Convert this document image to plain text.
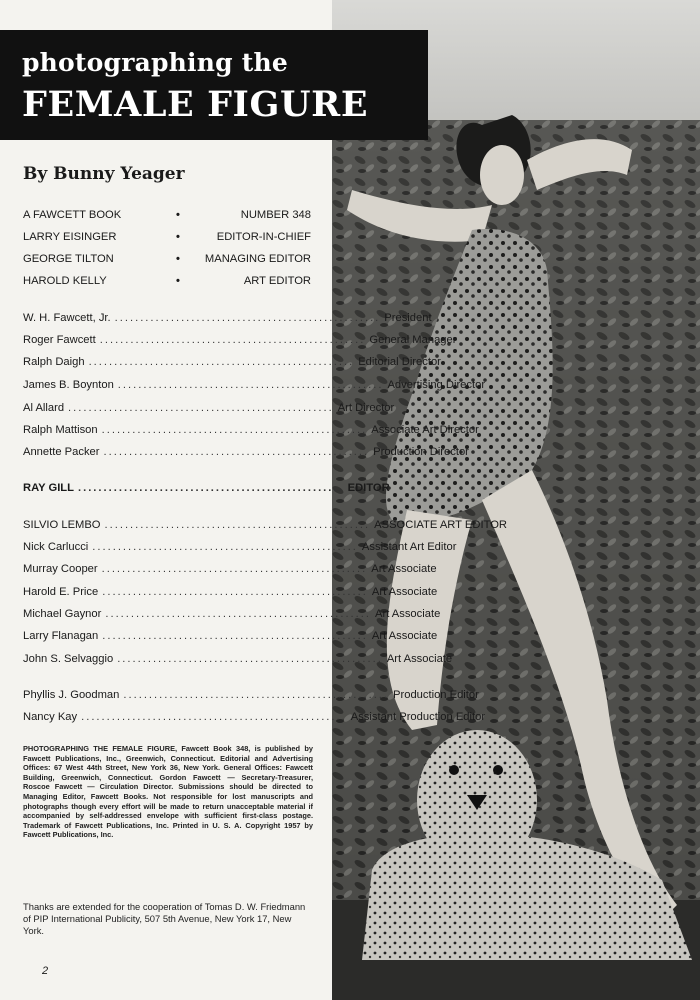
photographing the
FEMALE FIGURE
By Bunny Yeager
A FAWCETT BOOK	•	NUMBER 348
LARRY EISINGER	•	EDITOR-IN-CHIEF
GEORGE TILTON	•	MANAGING EDITOR
HAROLD KELLY	•	ART EDITOR
W. H. Fawcett, Jr. .................................................... President
Roger Fawcett .................................................... General Manager
Ralph Daigh .................................................... Editorial Director
James B. Boynton .................................................... Advertising Director
Al Allard .................................................... Art Director
Ralph Mattison .................................................... Associate Art Director
Annette Packer .................................................... Production Director
RAY GILL .................................................... EDITOR
SILVIO LEMBO .................................................... ASSOCIATE ART EDITOR
Nick Carlucci .................................................... Assistant Art Editor
Murray Cooper .................................................... Art Associate
Harold E. Price .................................................... Art Associate
Michael Gaynor .................................................... Art Associate
Larry Flanagan .................................................... Art Associate
John S. Selvaggio .................................................... Art Associate
Phyllis J. Goodman .................................................... Production Editor
Nancy Kay .................................................... Assistant Production Editor
PHOTOGRAPHING THE FEMALE FIGURE, Fawcett Book 348, is published by Fawcett Publications, Inc., Greenwich, Connecticut. Editorial and Advertising Offices: 67 West 44th Street, New York 36, New York. General Offices: Fawcett Building, Greenwich, Connecticut. Gordon Fawcett — Secretary-Treasurer, Roscoe Fawcett — Circulation Director. Submissions should be directed to Managing Editor, Fawcett Books. Not responsible for lost manuscripts and photographs though every effort will be made to return unacceptable material if accompanied by self-addressed envelope with sufficient first-class postage. Trademark of Fawcett Publications, Inc. Printed in U. S. A. Copyright 1957 by Fawcett Publications, Inc.
Thanks are extended for the cooperation of Tomas D. W. Friedmann of PIP International Publicity, 507 5th Avenue, New York 17, New York.
2
